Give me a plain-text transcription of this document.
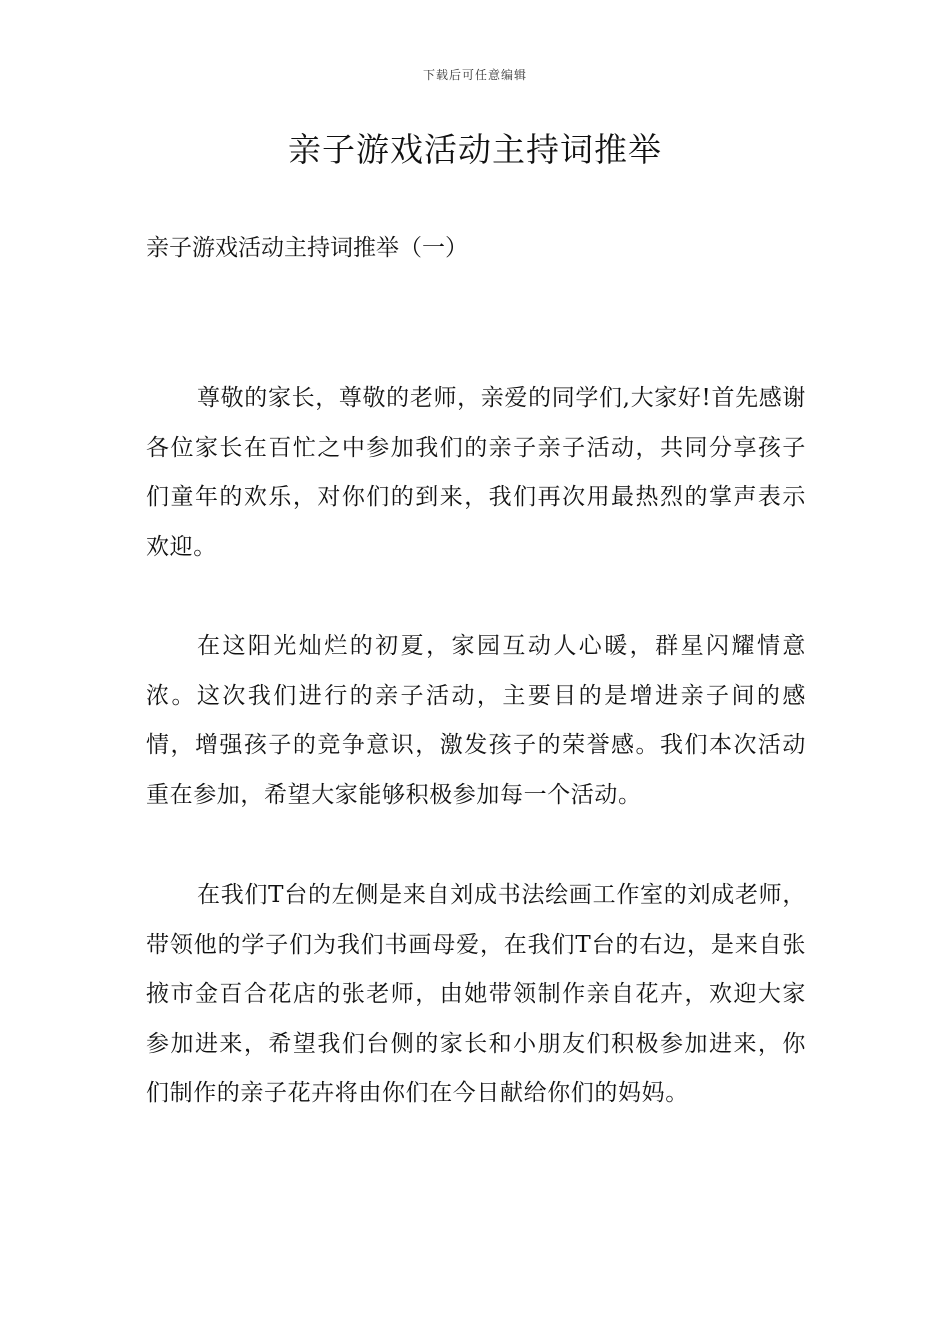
下载后可任意编辑
亲子游戏活动主持词推举

亲子游戏活动主持词推举（一）

尊敬的家长，尊敬的老师，亲爱的同学们,大家好!首先感谢各位家长在百忙之中参加我们的亲子亲子活动，共同分享孩子们童年的欢乐，对你们的到来，我们再次用最热烈的掌声表示欢迎。

在这阳光灿烂的初夏，家园互动人心暖，群星闪耀情意浓。这次我们进行的亲子活动，主要目的是增进亲子间的感情，增强孩子的竞争意识，激发孩子的荣誉感。我们本次活动重在参加，希望大家能够积极参加每一个活动。

在我们T台的左侧是来自刘成书法绘画工作室的刘成老师，带领他的学子们为我们书画母爱，在我们T台的右边，是来自张掖市金百合花店的张老师，由她带领制作亲自花卉，欢迎大家参加进来，希望我们台侧的家长和小朋友们积极参加进来，你们制作的亲子花卉将由你们在今日献给你们的妈妈。
